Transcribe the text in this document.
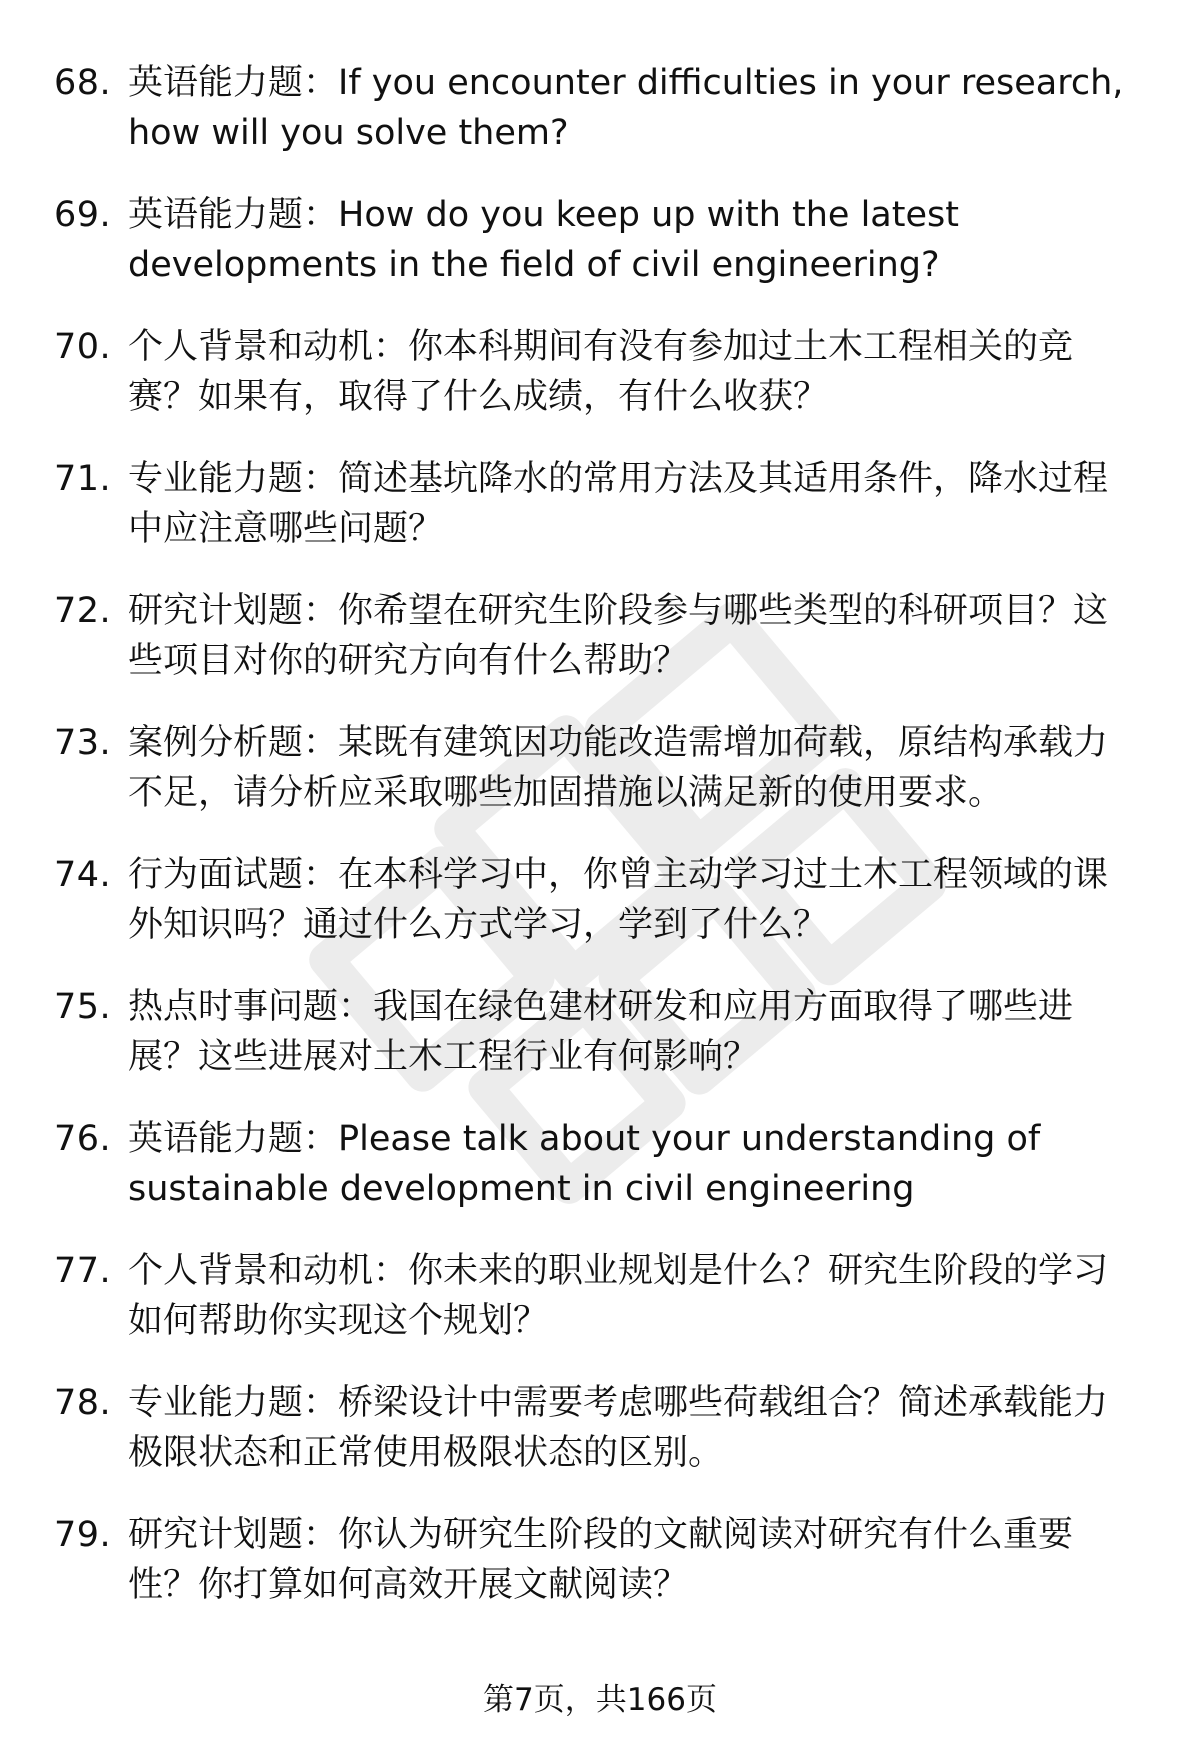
68. 英语能力题：If you encounter difficulties in your research, how will you solve them?
69. 英语能力题：How do you keep up with the latest developments in the field of civil engineering?
70. 个人背景和动机：你本科期间有没有参加过土木工程相关的竞赛？如果有，取得了什么成绩，有什么收获？
71. 专业能力题：简述基坑降水的常用方法及其适用条件，降水过程中应注意哪些问题？
72. 研究计划题：你希望在研究生阶段参与哪些类型的科研项目？这些项目对你的研究方向有什么帮助？
73. 案例分析题：某既有建筑因功能改造需增加荷载，原结构承载力不足，请分析应采取哪些加固措施以满足新的使用要求。
74. 行为面试题：在本科学习中，你曾主动学习过土木工程领域的课外知识吗？通过什么方式学习，学到了什么？
75. 热点时事问题：我国在绿色建材研发和应用方面取得了哪些进展？这些进展对土木工程行业有何影响？
76. 英语能力题：Please talk about your understanding of sustainable development in civil engineering
77. 个人背景和动机：你未来的职业规划是什么？研究生阶段的学习如何帮助你实现这个规划？
78. 专业能力题：桥梁设计中需要考虑哪些荷载组合？简述承载能力极限状态和正常使用极限状态的区别。
79. 研究计划题：你认为研究生阶段的文献阅读对研究有什么重要性？你打算如何高效开展文献阅读？
第7页，共166页
